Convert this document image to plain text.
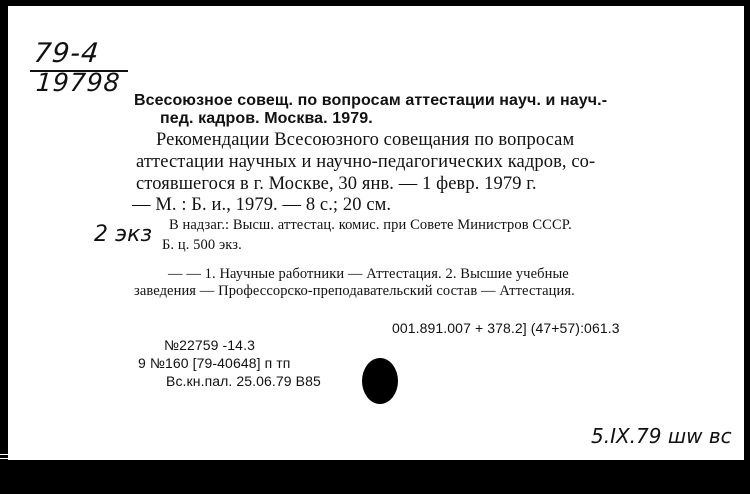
79-4
19798
Всесоюзное совещ. по вопросам аттестации науч. и науч.-
пед. кадров. Москва. 1979.
Рекомендации Всесоюзного совещания по вопросам
аттестации научных и научно-педагогических кадров, со-
стоявшегося в г. Москве, 30 янв. — 1 февр. 1979 г.
— М. : Б. и., 1979. — 8 с.; 20 см.
В надзаг.: Высш. аттестац. комис. при Совете Министров СССР.
Б. ц. 500 экз.
2 экз
— — 1. Научные работники — Аттестация. 2. Высшие учебные
заведения — Профессорско-преподавательский состав — Аттестация.
001.891.007 + 378.2] (47+57):061.3
№22759 -14.3
9 №160 [79-40648] п тп
Вс.кн.пал. 25.06.79 В85
5.IX.79 шw вс
